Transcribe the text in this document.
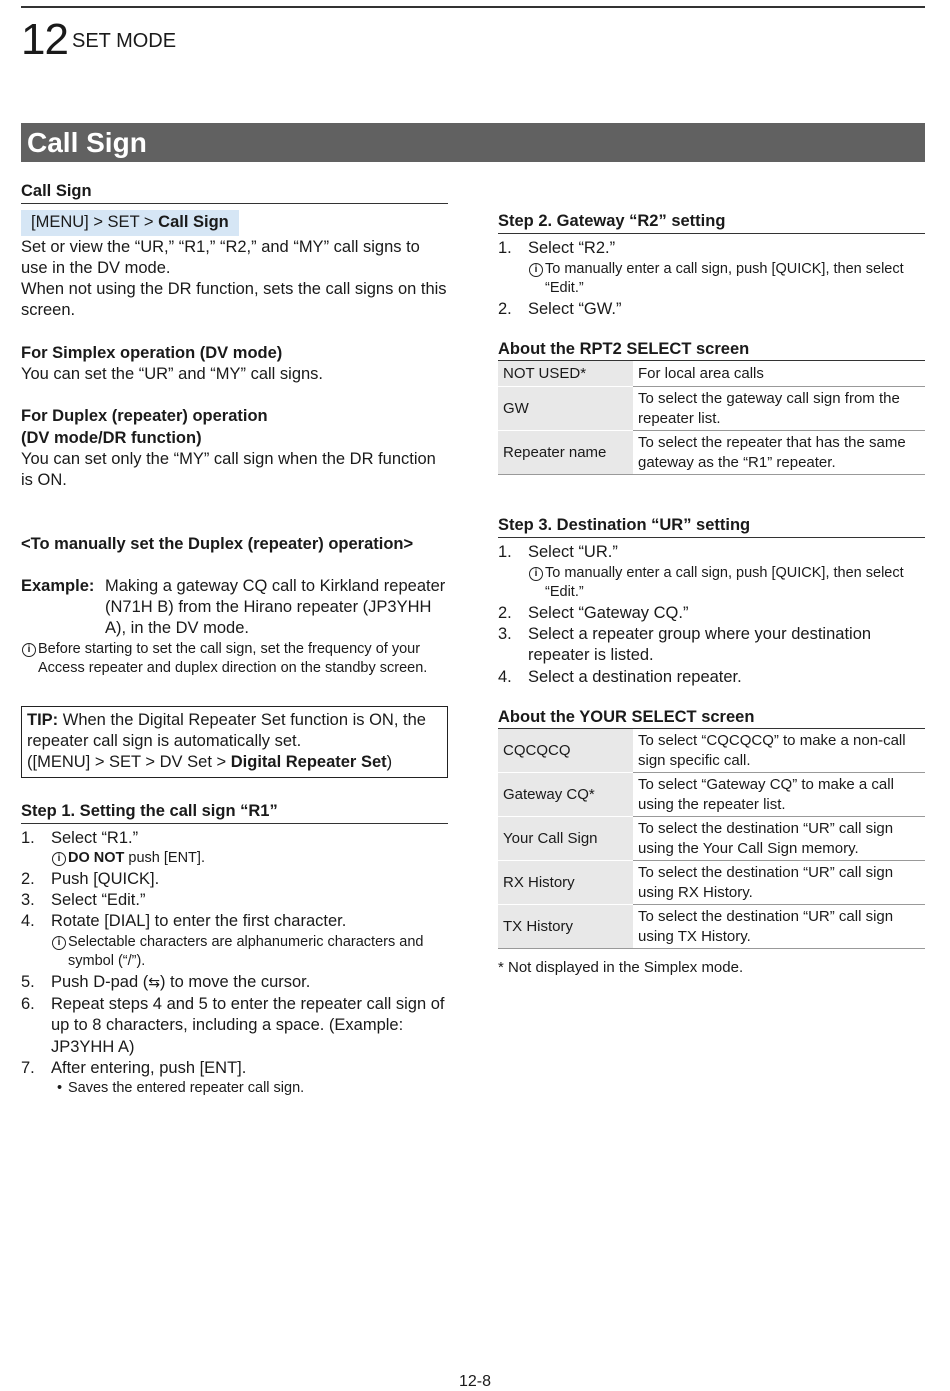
12 SET MODE
Call Sign

Call Sign

[MENU] > SET > Call Sign

Set or view the “UR,” “R1,” “R2,” and “MY” call signs to use in the DV mode.

When not using the DR function, sets the call signs on this screen.

For Simplex operation (DV mode)

You can set the “UR” and “MY” call signs.

For Duplex (repeater) operation

(DV mode/DR function)

You can set only the “MY” call sign when the DR function is ON.

<To manually set the Duplex (repeater) operation>

Example: Making a gateway CQ call to Kirkland repeater (N71H B) from the Hirano repeater (JP3YHH A), in the DV mode.
i Before starting to set the call sign, set the frequency of your Access repeater and duplex direction on the standby screen.
TIP: When the Digital Repeater Set function is ON, the repeater call sign is automatically set.
([MENU] > SET > DV Set > Digital Repeater Set)

Step 1. Setting the call sign “R1”

1. Select “R1.”
i DO NOT push [ENT].
2. Push [QUICK].
3. Select “Edit.”
4. Rotate [DIAL] to enter the first character.
i Selectable characters are alphanumeric characters and symbol (“/”).
5. Push D-pad (⇆) to move the cursor.
6. Repeat steps 4 and 5 to enter the repeater call sign of up to 8 characters, including a space. (Example: JP3YHH A)
7. After entering, push [ENT].
• Saves the entered repeater call sign.

Step 2. Gateway “R2” setting

1. Select “R2.”
i To manually enter a call sign, push [QUICK], then select “Edit.”
2. Select “GW.”

About the RPT2 SELECT screen

NOT USED*	For local area calls
GW	To select the gateway call sign from the repeater list.
Repeater name	To select the repeater that has the same gateway as the “R1” repeater.

Step 3. Destination “UR” setting

1. Select “UR.”
i To manually enter a call sign, push [QUICK], then select “Edit.”
2. Select “Gateway CQ.”
3. Select a repeater group where your destination repeater is listed.
4. Select a destination repeater.

About the YOUR SELECT screen

CQCQCQ	To select “CQCQCQ” to make a non-call sign specific call.
Gateway CQ*	To select “Gateway CQ” to make a call using the repeater list.
Your Call Sign	To select the destination “UR” call sign using the Your Call Sign memory.
RX History	To select the destination “UR” call sign using RX History.
TX History	To select the destination “UR” call sign using TX History.

* Not displayed in the Simplex mode.

12-8
